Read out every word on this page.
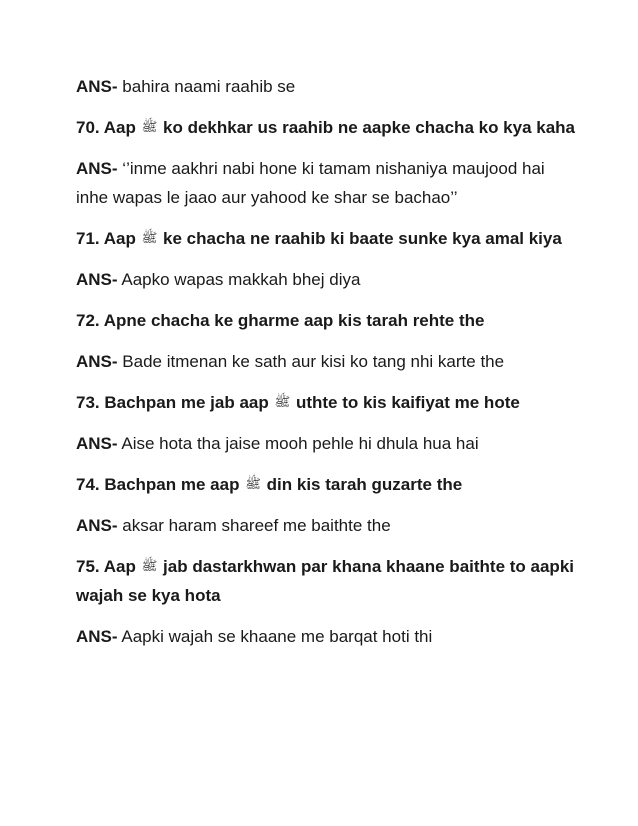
ANS- bahira naami raahib se

70. Aap ﷺ ko dekhkar us raahib ne aapke chacha ko kya kaha

ANS- ‘’inme aakhri nabi hone ki tamam nishaniya maujood hai inhe wapas le jaao aur yahood ke shar se bachao’’

71. Aap ﷺ ke chacha ne raahib ki baate sunke kya amal kiya

ANS- Aapko wapas makkah bhej diya

72. Apne chacha ke gharme aap kis tarah rehte the

ANS- Bade itmenan ke sath aur kisi ko tang nhi karte the

73. Bachpan me jab aap ﷺ uthte to kis kaifiyat me hote

ANS- Aise hota tha jaise mooh pehle hi dhula hua hai

74. Bachpan me aap ﷺ din kis tarah guzarte the

ANS- aksar haram shareef me baithte the

75. Aap ﷺ jab dastarkhwan par khana khaane baithte to aapki wajah se kya hota

ANS- Aapki wajah se khaane me barqat hoti thi
